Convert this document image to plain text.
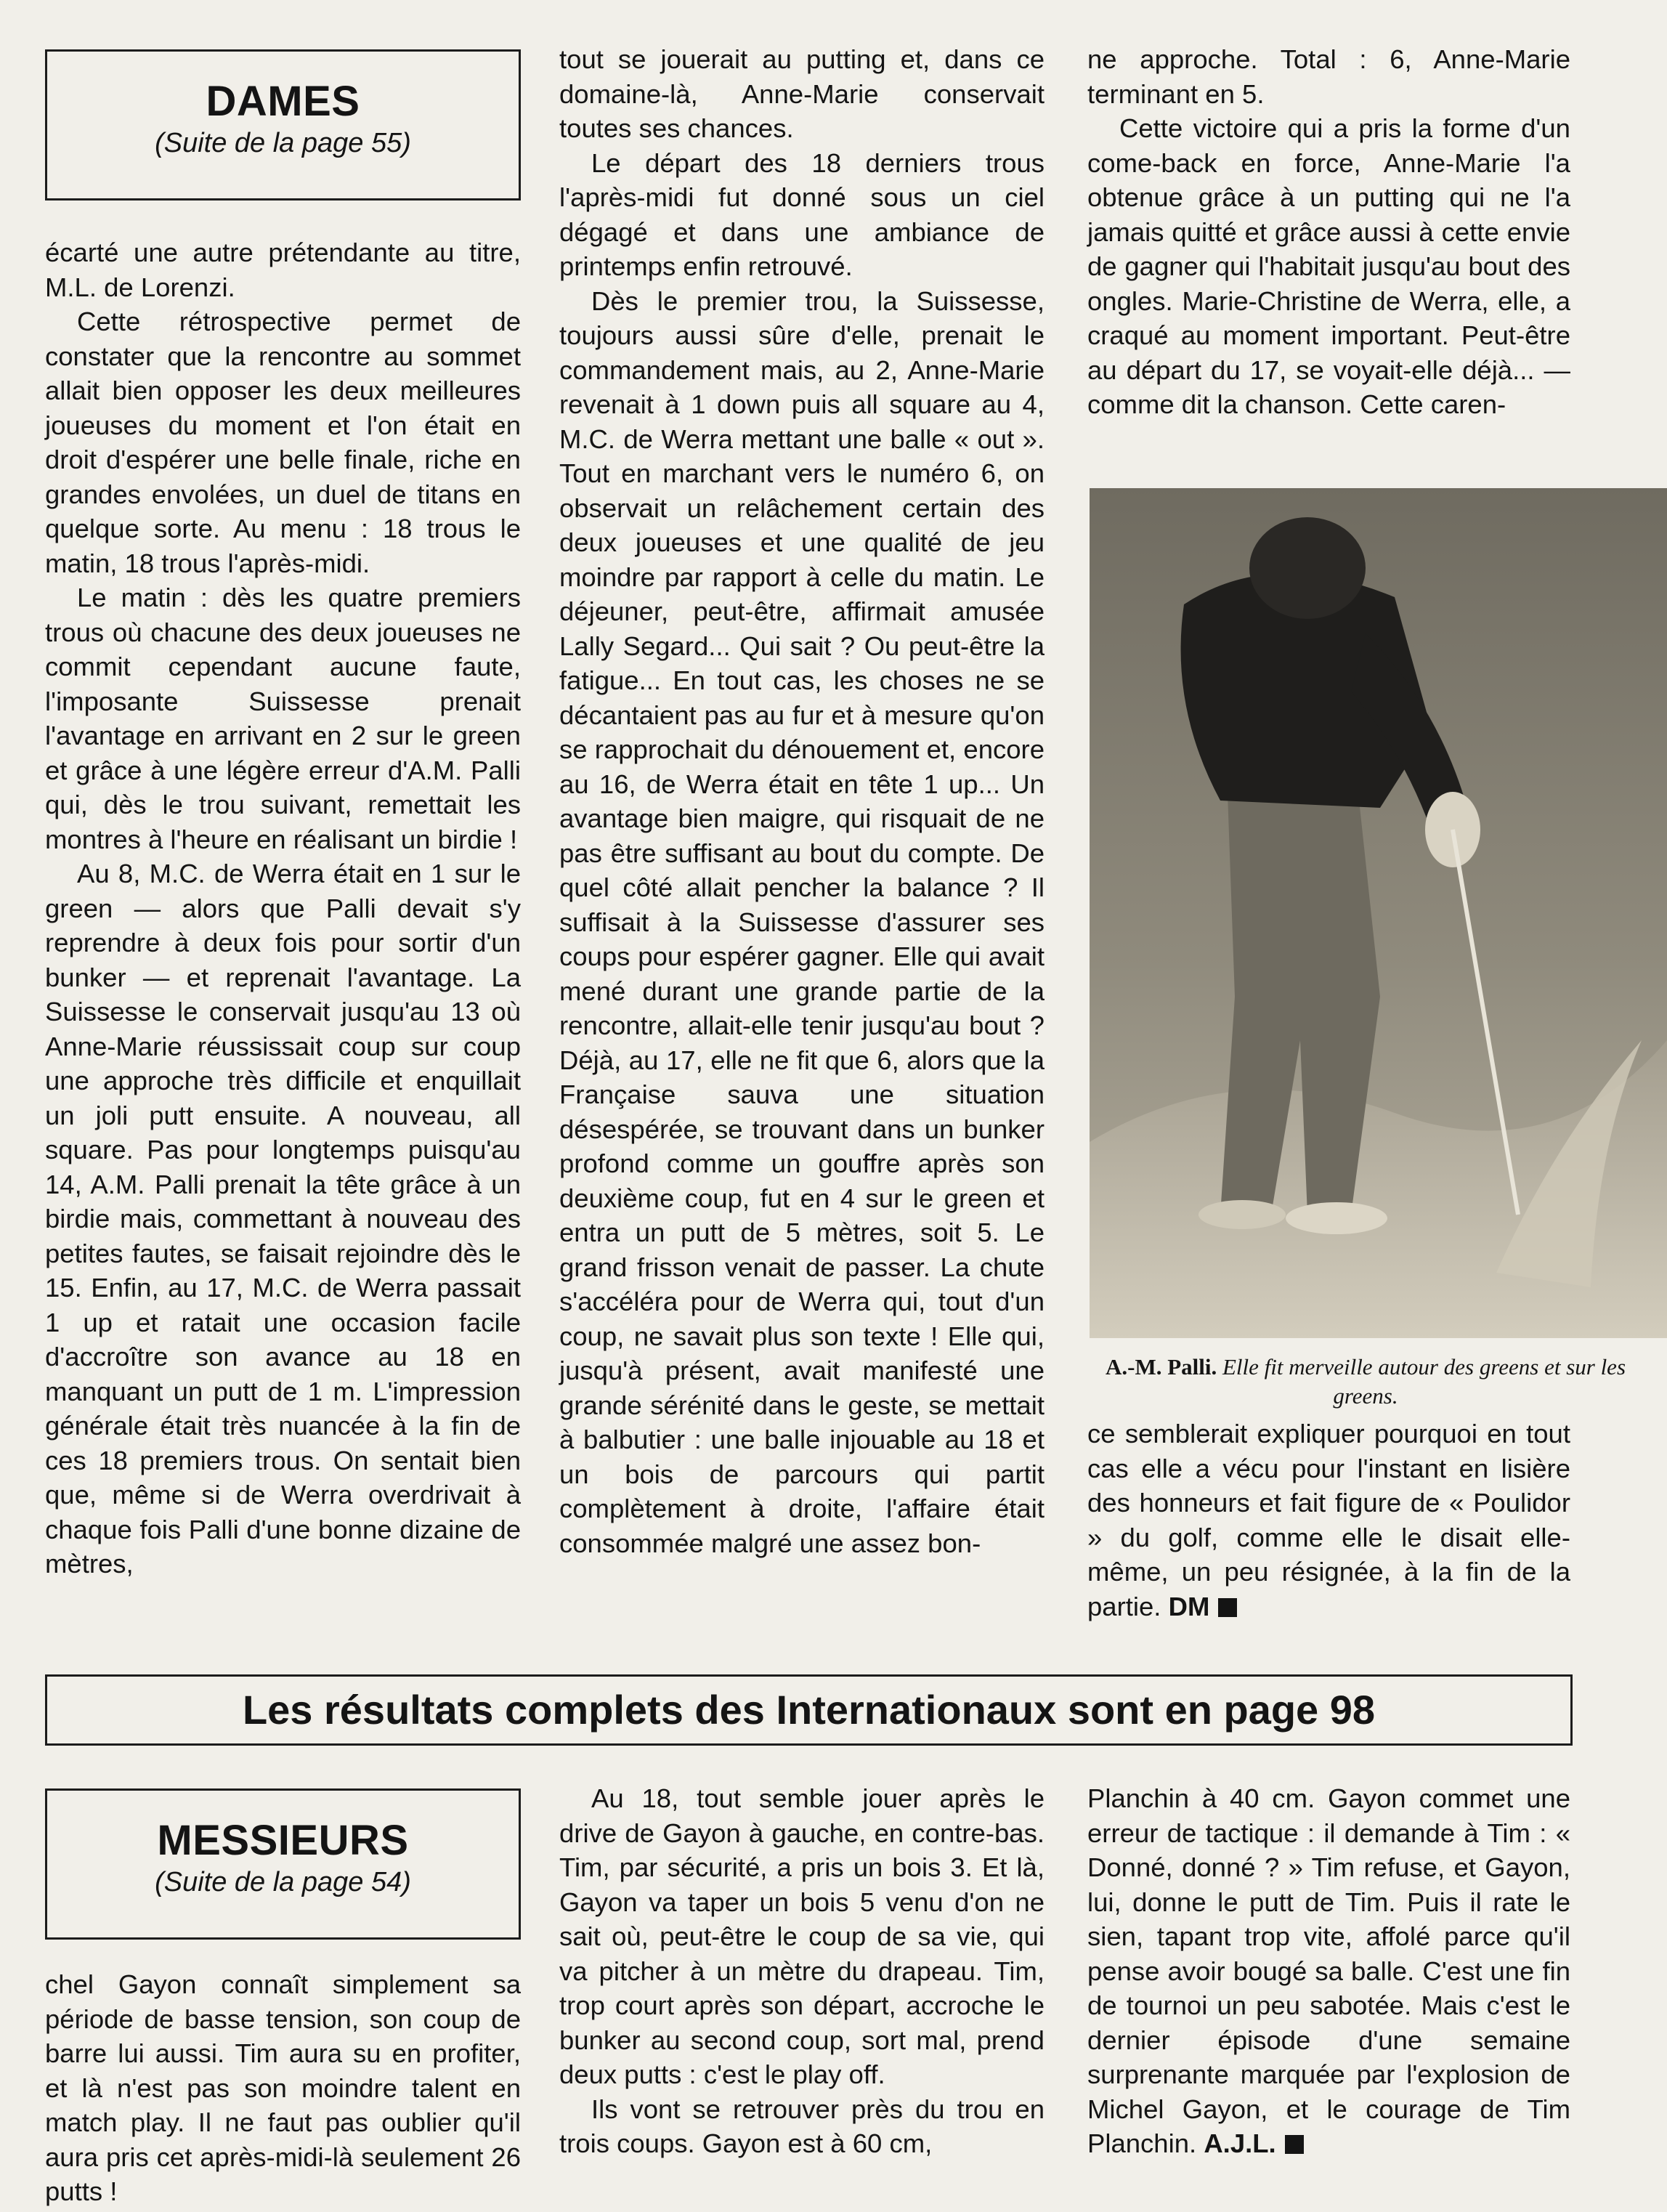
DAMES
(Suite de la page 55)

écarté une autre prétendante au titre, M.L. de Lorenzi.

Cette rétrospective permet de constater que la rencontre au sommet allait bien opposer les deux meilleures joueuses du moment et l'on était en droit d'espérer une belle finale, riche en grandes envolées, un duel de titans en quelque sorte. Au menu : 18 trous le matin, 18 trous l'après-midi.

Le matin : dès les quatre premiers trous où chacune des deux joueuses ne commit cependant aucune faute, l'imposante Suissesse prenait l'avantage en arrivant en 2 sur le green et grâce à une légère erreur d'A.M. Palli qui, dès le trou suivant, remettait les montres à l'heure en réalisant un birdie !

Au 8, M.C. de Werra était en 1 sur le green — alors que Palli devait s'y reprendre à deux fois pour sortir d'un bunker — et reprenait l'avantage. La Suissesse le conservait jusqu'au 13 où Anne-Marie réussissait coup sur coup une approche très difficile et enquillait un joli putt ensuite. A nouveau, all square. Pas pour longtemps puisqu'au 14, A.M. Palli prenait la tête grâce à un birdie mais, commettant à nouveau des petites fautes, se faisait rejoindre dès le 15. Enfin, au 17, M.C. de Werra passait 1 up et ratait une occasion facile d'accroître son avance au 18 en manquant un putt de 1 m. L'impression générale était très nuancée à la fin de ces 18 premiers trous. On sentait bien que, même si de Werra overdrivait à chaque fois Palli d'une bonne dizaine de mètres,

tout se jouerait au putting et, dans ce domaine-là, Anne-Marie conservait toutes ses chances.

Le départ des 18 derniers trous l'après-midi fut donné sous un ciel dégagé et dans une ambiance de printemps enfin retrouvé.

Dès le premier trou, la Suissesse, toujours aussi sûre d'elle, prenait le commandement mais, au 2, Anne-Marie revenait à 1 down puis all square au 4, M.C. de Werra mettant une balle « out ». Tout en marchant vers le numéro 6, on observait un relâchement certain des deux joueuses et une qualité de jeu moindre par rapport à celle du matin. Le déjeuner, peut-être, affirmait amusée Lally Segard... Qui sait ? Ou peut-être la fatigue... En tout cas, les choses ne se décantaient pas au fur et à mesure qu'on se rapprochait du dénouement et, encore au 16, de Werra était en tête 1 up... Un avantage bien maigre, qui risquait de ne pas être suffisant au bout du compte. De quel côté allait pencher la balance ? Il suffisait à la Suissesse d'assurer ses coups pour espérer gagner. Elle qui avait mené durant une grande partie de la rencontre, allait-elle tenir jusqu'au bout ? Déjà, au 17, elle ne fit que 6, alors que la Française sauva une situation désespérée, se trouvant dans un bunker profond comme un gouffre après son deuxième coup, fut en 4 sur le green et entra un putt de 5 mètres, soit 5. Le grand frisson venait de passer. La chute s'accéléra pour de Werra qui, tout d'un coup, ne savait plus son texte ! Elle qui, jusqu'à présent, avait manifesté une grande sérénité dans le geste, se mettait à balbutier : une balle injouable au 18 et un bois de parcours qui partit complètement à droite, l'affaire était consommée malgré une assez bon-

ne approche. Total : 6, Anne-Marie terminant en 5.

Cette victoire qui a pris la forme d'un come-back en force, Anne-Marie l'a obtenue grâce à un putting qui ne l'a jamais quitté et grâce aussi à cette envie de gagner qui l'habitait jusqu'au bout des ongles. Marie-Christine de Werra, elle, a craqué au moment important. Peut-être au départ du 17, se voyait-elle déjà... — comme dit la chanson. Cette caren-

A.-M. Palli. Elle fit merveille autour des greens et sur les greens.

ce semblerait expliquer pourquoi en tout cas elle a vécu pour l'instant en lisière des honneurs et fait figure de « Poulidor » du golf, comme elle le disait elle-même, un peu résignée, à la fin de la partie. DM

Les résultats complets des Internationaux sont en page 98
MESSIEURS
(Suite de la page 54)

chel Gayon connaît simplement sa période de basse tension, son coup de barre lui aussi. Tim aura su en profiter, et là n'est pas son moindre talent en match play. Il ne faut pas oublier qu'il aura pris cet après-midi-là seulement 26 putts !

Au 18, tout semble jouer après le drive de Gayon à gauche, en contre-bas. Tim, par sécurité, a pris un bois 3. Et là, Gayon va taper un bois 5 venu d'on ne sait où, peut-être le coup de sa vie, qui va pitcher à un mètre du drapeau. Tim, trop court après son départ, accroche le bunker au second coup, sort mal, prend deux putts : c'est le play off.

Ils vont se retrouver près du trou en trois coups. Gayon est à 60 cm,

Planchin à 40 cm. Gayon commet une erreur de tactique : il demande à Tim : « Donné, donné ? » Tim refuse, et Gayon, lui, donne le putt de Tim. Puis il rate le sien, tapant trop vite, affolé parce qu'il pense avoir bougé sa balle. C'est une fin de tournoi un peu sabotée. Mais c'est le dernier épisode d'une semaine surprenante marquée par l'explosion de Michel Gayon, et le courage de Tim Planchin. A.J.L.
